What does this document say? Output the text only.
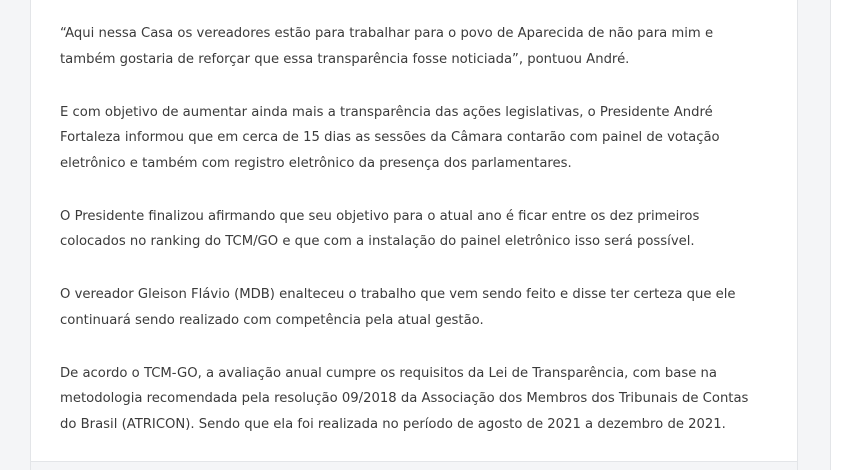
“Aqui nessa Casa os vereadores estão para trabalhar para o povo de Aparecida de não para mim e também gostaria de reforçar que essa transparência fosse noticiada”, pontuou André.

E com objetivo de aumentar ainda mais a transparência das ações legislativas, o Presidente André Fortaleza informou que em cerca de 15 dias as sessões da Câmara contarão com painel de votação eletrônico e também com registro eletrônico da presença dos parlamentares.

O Presidente finalizou afirmando que seu objetivo para o atual ano é ficar entre os dez primeiros colocados no ranking do TCM/GO e que com a instalação do painel eletrônico isso será possível.

O vereador Gleison Flávio (MDB) enalteceu o trabalho que vem sendo feito e disse ter certeza que ele continuará sendo realizado com competência pela atual gestão.

De acordo o TCM-GO, a avaliação anual cumpre os requisitos da Lei de Transparência, com base na metodologia recomendada pela resolução 09/2018 da Associação dos Membros dos Tribunais de Contas do Brasil (ATRICON). Sendo que ela foi realizada no período de agosto de 2021 a dezembro de 2021.
